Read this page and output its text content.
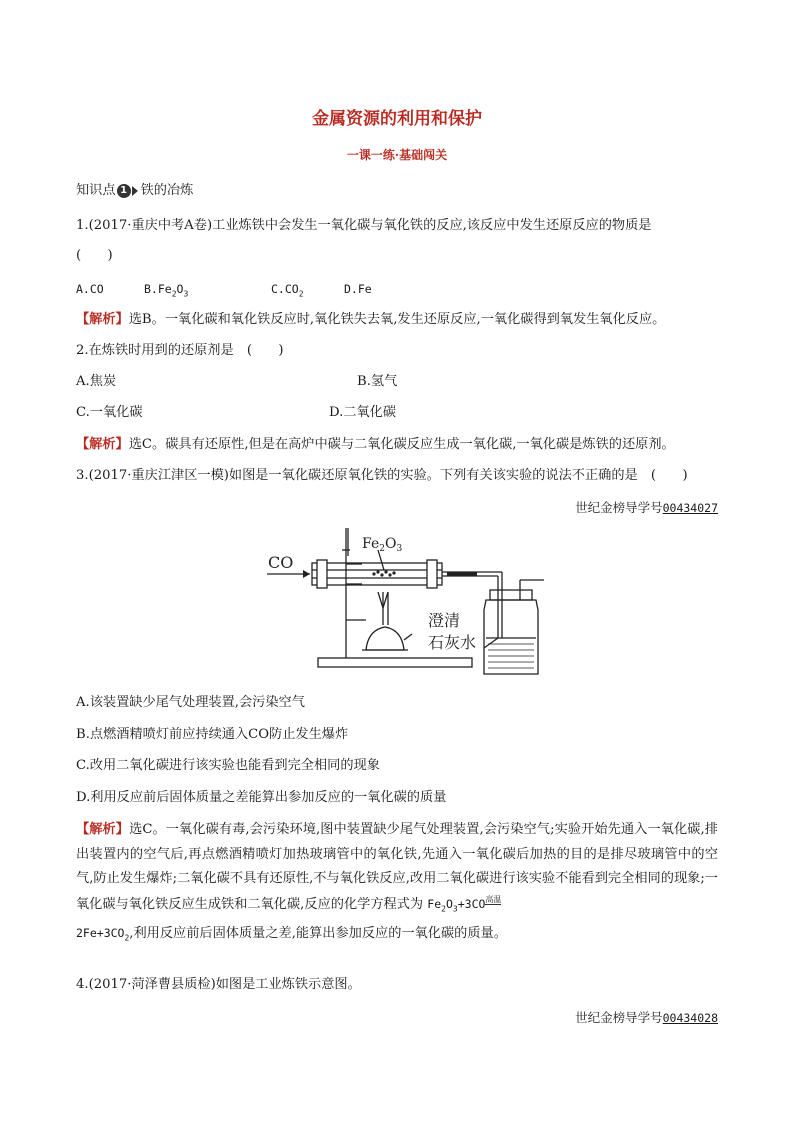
金属资源的利用和保护
一课一练·基础闯关
知识点 1 铁的冶炼
1.(2017·重庆中考A卷)工业炼铁中会发生一氧化碳与氧化铁的反应,该反应中发生还原反应的物质是
(　　)
A.CO	$B.Fe_2O_3$	$C.CO_2$	D.Fe
【解析】选B。一氧化碳和氧化铁反应时,氧化铁失去氧,发生还原反应,一氧化碳得到氧发生氧化反应。
2.在炼铁时用到的还原剂是　(　　)
A.焦炭	B.氢气
C.一氧化碳	D.二氧化碳
【解析】选C。碳具有还原性,但是在高炉中碳与二氧化碳反应生成一氧化碳,一氧化碳是炼铁的还原剂。
3.(2017·重庆江津区一模)如图是一氧化碳还原氧化铁的实验。下列有关该实验的说法不正确的是　(　　)
世纪金榜导学号00434027
CO
$Fe_2O_3$
澄清
石灰水
A.该装置缺少尾气处理装置,会污染空气
B.点燃酒精喷灯前应持续通入CO防止发生爆炸
C.改用二氧化碳进行该实验也能看到完全相同的现象
D.利用反应前后固体质量之差能算出参加反应的一氧化碳的质量
【解析】选C。一氧化碳有毒,会污染环境,图中装置缺少尾气处理装置,会污染空气;实验开始先通入一氧化碳,排出装置内的空气后,再点燃酒精喷灯加热玻璃管中的氧化铁,先通入一氧化碳后加热的目的是排尽玻璃管中的空气,防止发生爆炸;二氧化碳不具有还原性,不与氧化铁反应,改用二氧化碳进行该实验不能看到完全相同的现象;一氧化碳与氧化铁反应生成铁和二氧化碳,反应的化学方程式为 $Fe_2O_3+3CO$高温
$2Fe+3CO_2$,利用反应前后固体质量之差,能算出参加反应的一氧化碳的质量。
4.(2017·菏泽曹县质检)如图是工业炼铁示意图。
世纪金榜导学号00434028
